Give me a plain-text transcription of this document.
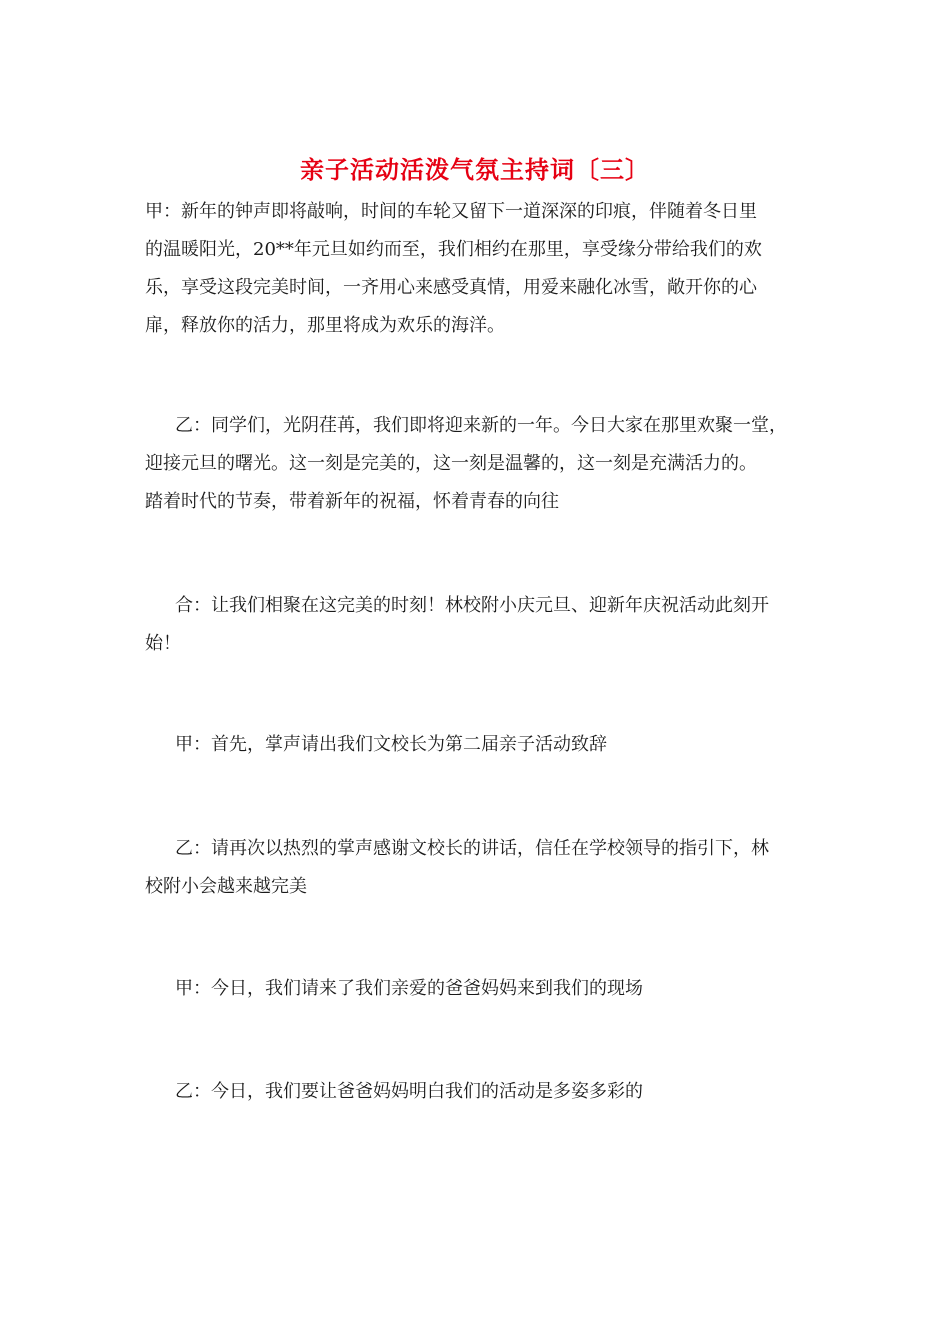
亲子活动活泼气氛主持词〔三〕
甲：新年的钟声即将敲响，时间的车轮又留下一道深深的印痕，伴随着冬日里
的温暖阳光，20**年元旦如约而至，我们相约在那里，享受缘分带给我们的欢
乐，享受这段完美时间，一齐用心来感受真情，用爱来融化冰雪，敞开你的心
扉，释放你的活力，那里将成为欢乐的海洋。
乙：同学们，光阴荏苒，我们即将迎来新的一年。今日大家在那里欢聚一堂，
迎接元旦的曙光。这一刻是完美的，这一刻是温馨的，这一刻是充满活力的。
踏着时代的节奏，带着新年的祝福，怀着青春的向往
合：让我们相聚在这完美的时刻！林校附小庆元旦、迎新年庆祝活动此刻开
始！
甲：首先，掌声请出我们文校长为第二届亲子活动致辞
乙：请再次以热烈的掌声感谢文校长的讲话，信任在学校领导的指引下，林
校附小会越来越完美
甲：今日，我们请来了我们亲爱的爸爸妈妈来到我们的现场
乙：今日，我们要让爸爸妈妈明白我们的活动是多姿多彩的
